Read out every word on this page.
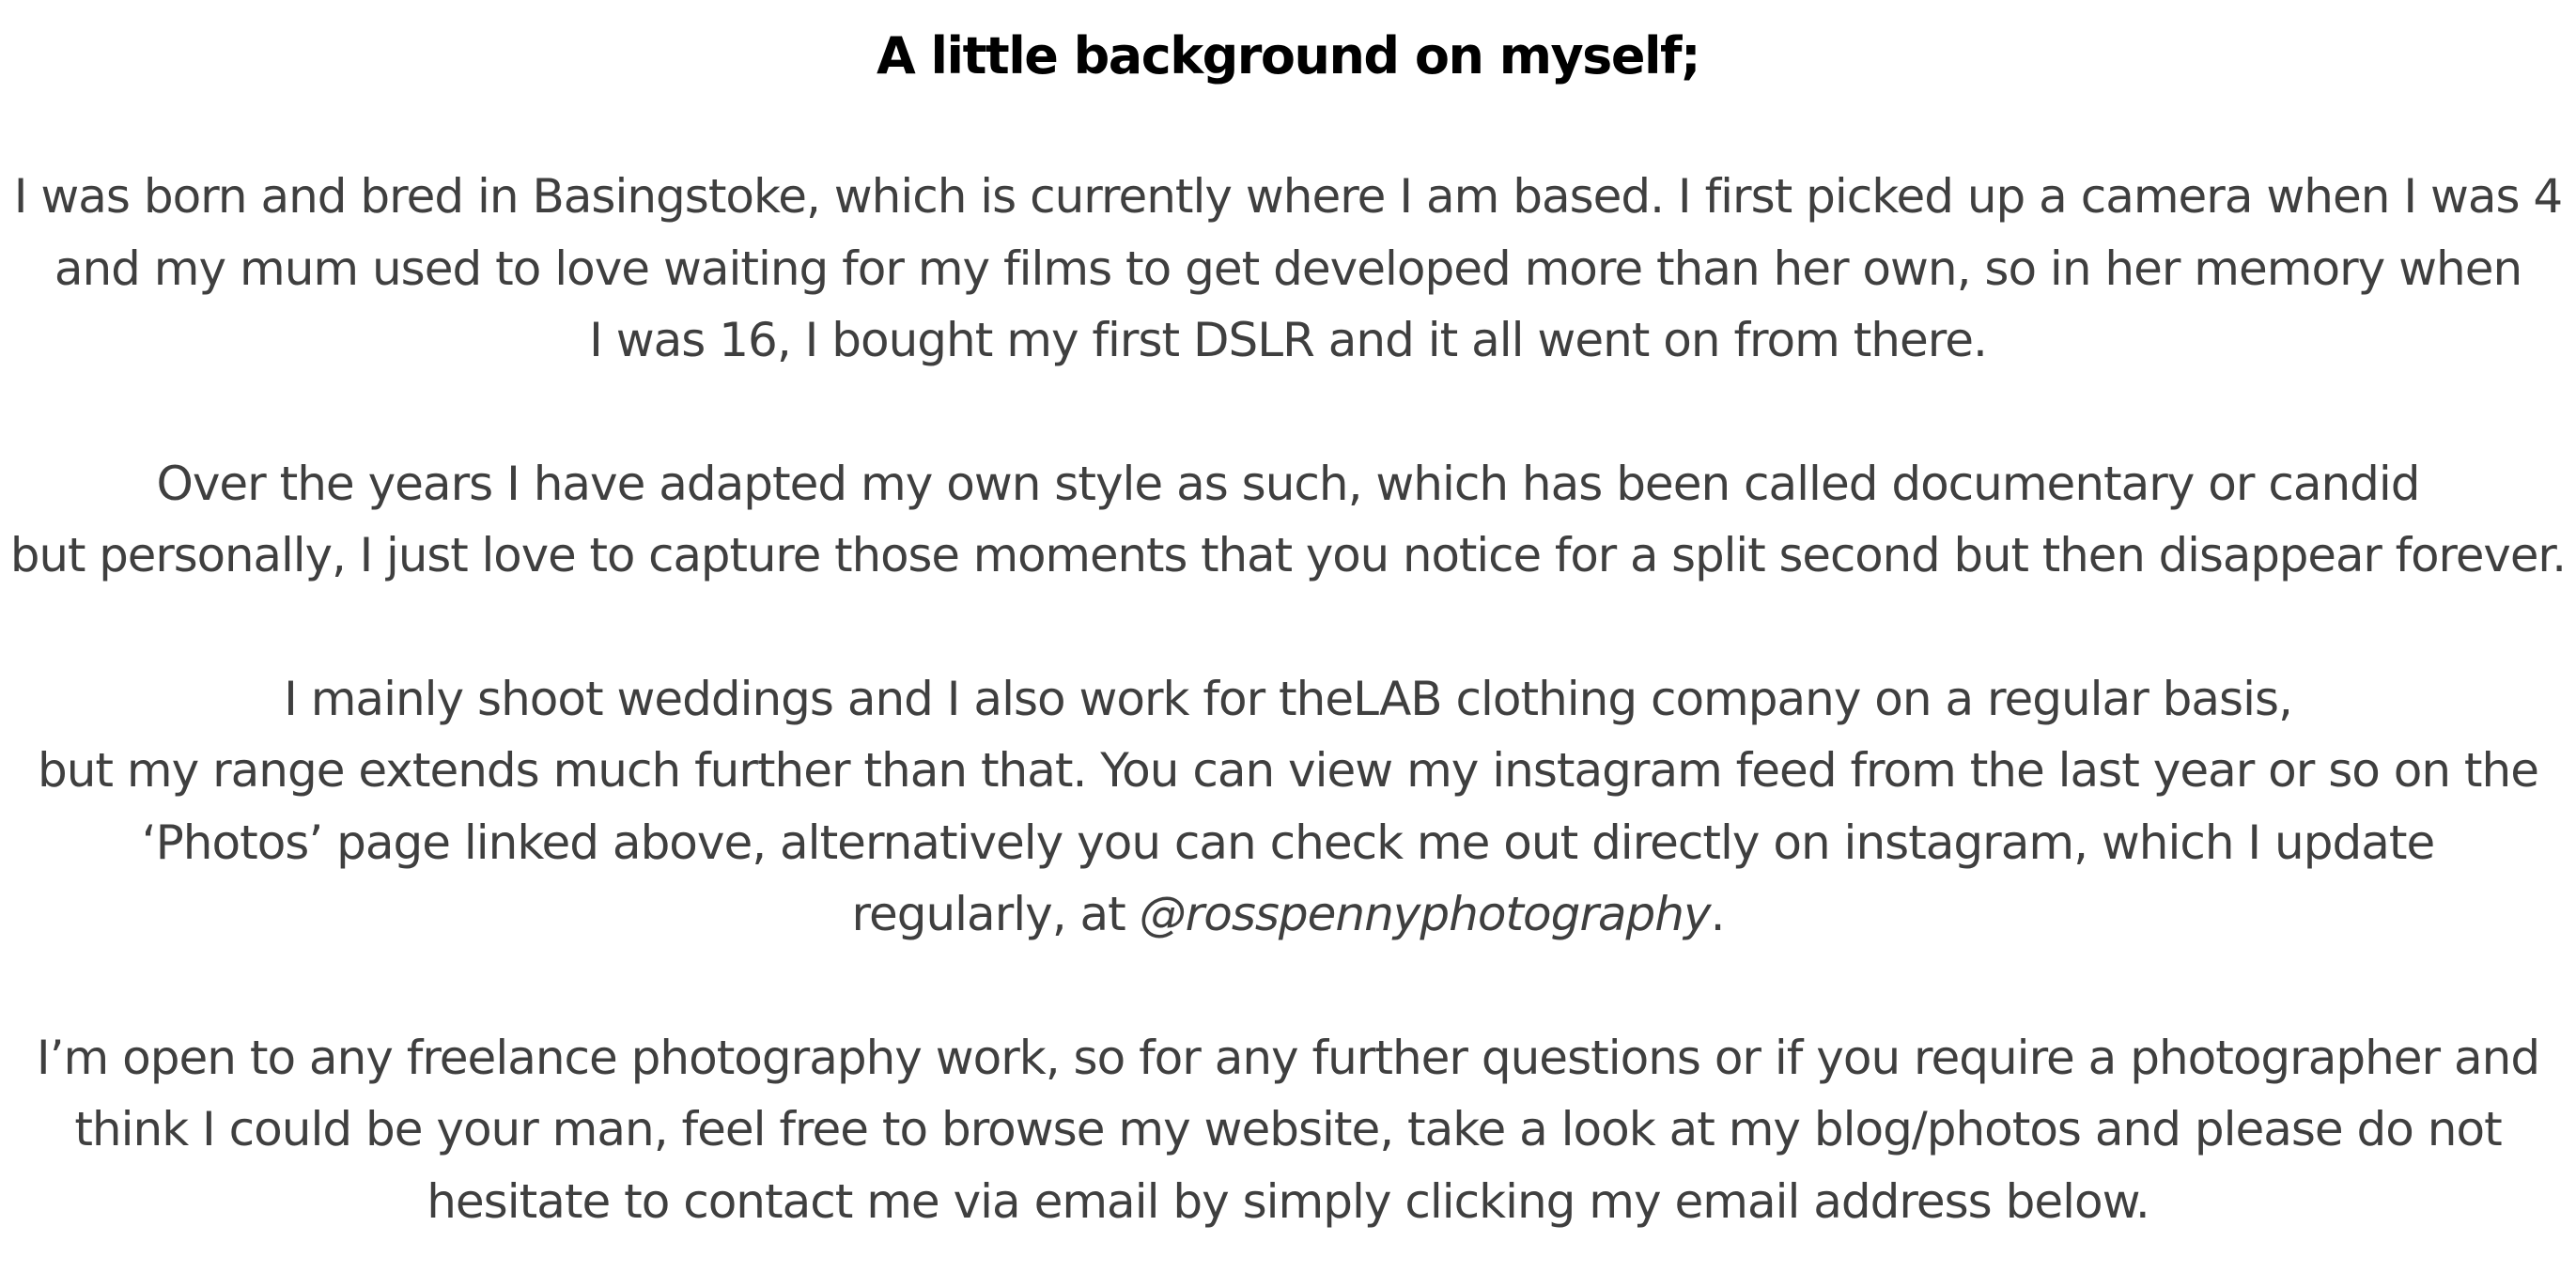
A little background on myself;

I was born and bred in Basingstoke, which is currently where I am based. I first picked up a camera when I was 4
and my mum used to love waiting for my films to get developed more than her own, so in her memory when
I was 16, I bought my first DSLR and it all went on from there.

Over the years I have adapted my own style as such, which has been called documentary or candid
but personally, I just love to capture those moments that you notice for a split second but then disappear forever.

I mainly shoot weddings and I also work for theLAB clothing company on a regular basis,
but my range extends much further than that. You can view my instagram feed from the last year or so on the
‘Photos’ page linked above, alternatively you can check me out directly on instagram, which I update
regularly, at @rosspennyphotography.

I’m open to any freelance photography work, so for any further questions or if you require a photographer and
think I could be your man, feel free to browse my website, take a look at my blog/photos and please do not
hesitate to contact me via email by simply clicking my email address below.
